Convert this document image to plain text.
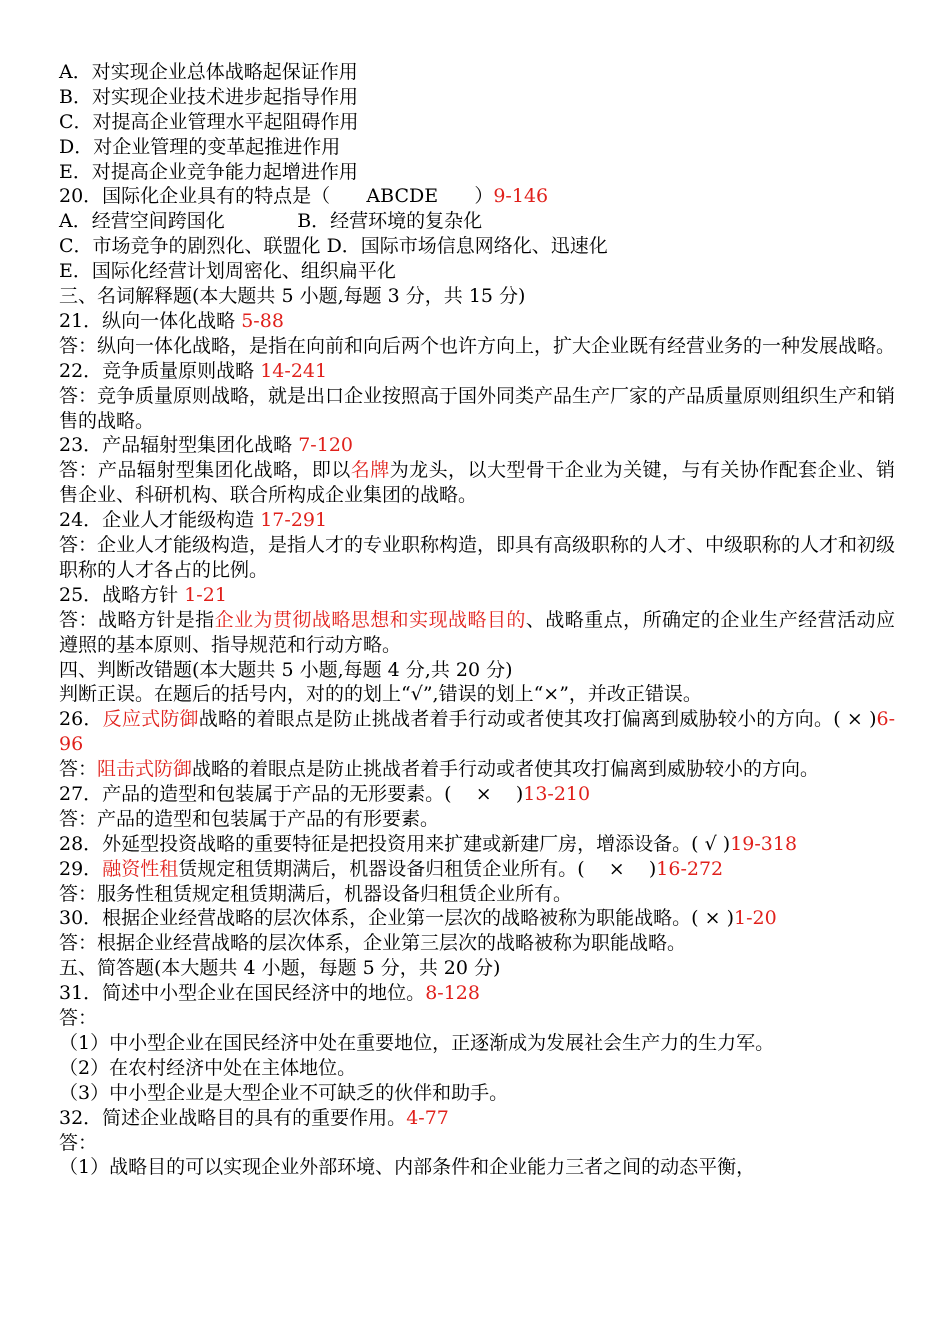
A．对实现企业总体战略起保证作用
B．对实现企业技术进步起指导作用
C．对提高企业管理水平起阻碍作用
D．对企业管理的变革起推进作用
E．对提高企业竞争能力起增进作用
20．国际化企业具有的特点是（      ABCDE      ）9-146
A．经营空间跨国化            B．经营环境的复杂化
C．市场竞争的剧烈化、联盟化 D．国际市场信息网络化、迅速化
E．国际化经营计划周密化、组织扁平化
三、名词解释题(本大题共 5 小题,每题 3 分，共 15 分)
21．纵向一体化战略 5-88
答：纵向一体化战略，是指在向前和向后两个也许方向上，扩大企业既有经营业务的一种发展战略。
22．竞争质量原则战略 14-241
答：竞争质量原则战略，就是出口企业按照高于国外同类产品生产厂家的产品质量原则组织生产和销售的战略。
23．产品辐射型集团化战略 7-120
答：产品辐射型集团化战略，即以名牌为龙头，以大型骨干企业为关键，与有关协作配套企业、销售企业、科研机构、联合所构成企业集团的战略。
24．企业人才能级构造 17-291
答：企业人才能级构造，是指人才的专业职称构造，即具有高级职称的人才、中级职称的人才和初级职称的人才各占的比例。
25．战略方针 1-21
答：战略方针是指企业为贯彻战略思想和实现战略目的、战略重点，所确定的企业生产经营活动应遵照的基本原则、指导规范和行动方略。
四、判断改错题(本大题共 5 小题,每题 4 分,共 20 分)
判断正误。在题后的括号内，对的的划上“√”,错误的划上“×”，并改正错误。
26．反应式防御战略的着眼点是防止挑战者着手行动或者使其攻打偏离到威胁较小的方向。( × )6-96
答：阻击式防御战略的着眼点是防止挑战者着手行动或者使其攻打偏离到威胁较小的方向。
27．产品的造型和包装属于产品的无形要素。(    ×    )13-210
答：产品的造型和包装属于产品的有形要素。
28．外延型投资战略的重要特征是把投资用来扩建或新建厂房，增添设备。( √ )19-318
29．融资性租赁规定租赁期满后，机器设备归租赁企业所有。(    ×    )16-272
答：服务性租赁规定租赁期满后，机器设备归租赁企业所有。
30．根据企业经营战略的层次体系，企业第一层次的战略被称为职能战略。( × )1-20
答：根据企业经营战略的层次体系，企业第三层次的战略被称为职能战略。
五、简答题(本大题共 4 小题，每题 5 分，共 20 分)
31．简述中小型企业在国民经济中的地位。8-128
答：
（1）中小型企业在国民经济中处在重要地位，正逐渐成为发展社会生产力的生力军。
（2）在农村经济中处在主体地位。
（3）中小型企业是大型企业不可缺乏的伙伴和助手。
32．简述企业战略目的具有的重要作用。4-77
答：
（1）战略目的可以实现企业外部环境、内部条件和企业能力三者之间的动态平衡，
